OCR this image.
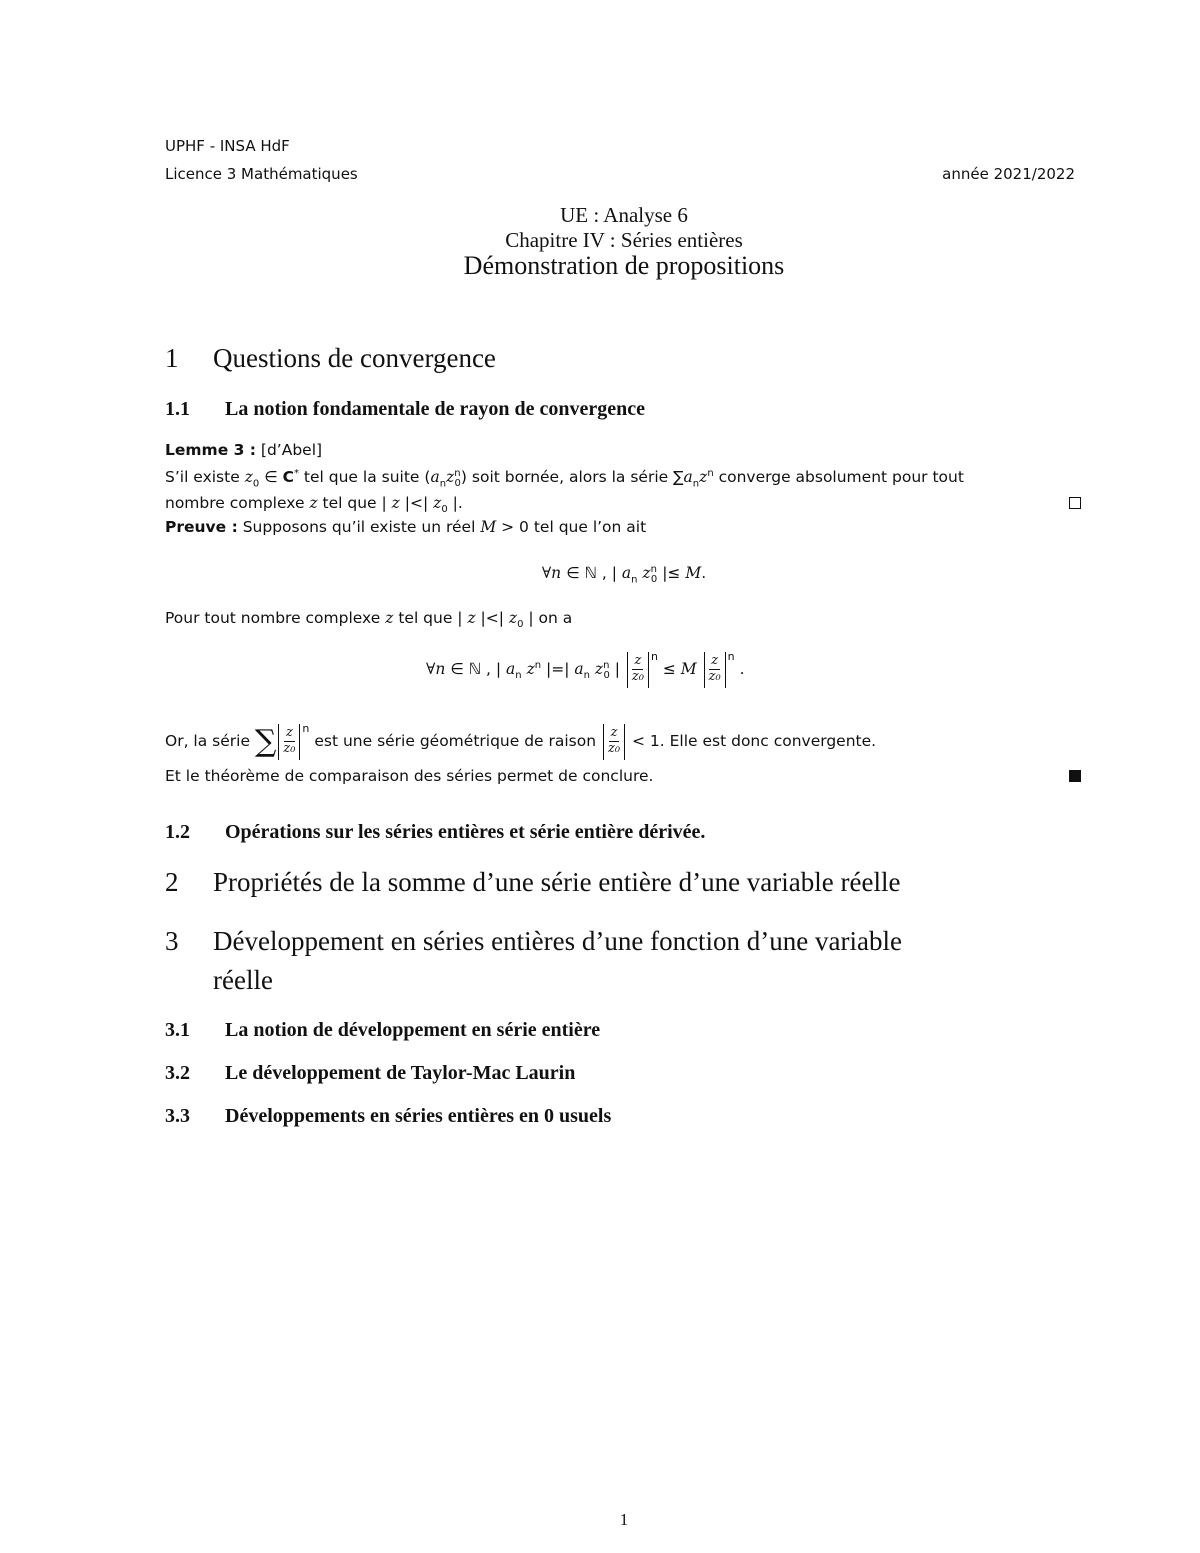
UPHF - INSA HdF
Licence 3 Mathématiques	année 2021/2022
UE : Analyse 6
Chapitre IV : Séries entières
Démonstration de propositions
1 Questions de convergence
1.1 La notion fondamentale de rayon de convergence
Lemme 3 : [d’Abel]
S’il existe $z_0$ ∈ C* tel que la suite $(a_nz^n_0)$ soit bornée, alors la série $\sum a_nz^n$ converge absolument pour tout
nombre complexe z tel que | z |<| $z_0$ |.
Preuve : Supposons qu’il existe un réel M > 0 tel que l’on ait
∀n ∈ ℕ , | $a_n$ $z^n_0$ |≤ M.
Pour tout nombre complexe z tel que | z |<| $z_0$ | on a
∀n ∈ ℕ , | $a_n$ $z^n$ |=| $a_n$ $z^n_0$ | $\frac{z}{\text{z₀}} ^n \le M \frac{z}{\text{z₀}} ^n$ .
Or, la série ∑ $\frac{z}{\text{z₀}} ^n$ est une série géométrique de raison $\frac{z}{\text{z₀}} < 1$. Elle est donc convergente.
Et le théorème de comparaison des séries permet de conclure.
1.2 Opérations sur les séries entières et série entière dérivée.
2 Propriétés de la somme d’une série entière d’une variable réelle
3 Développement en séries entières d’une fonction d’une variable
réelle
3.1 La notion de développement en série entière
3.2 Le développement de Taylor-Mac Laurin
3.3 Développements en séries entières en 0 usuels
1
